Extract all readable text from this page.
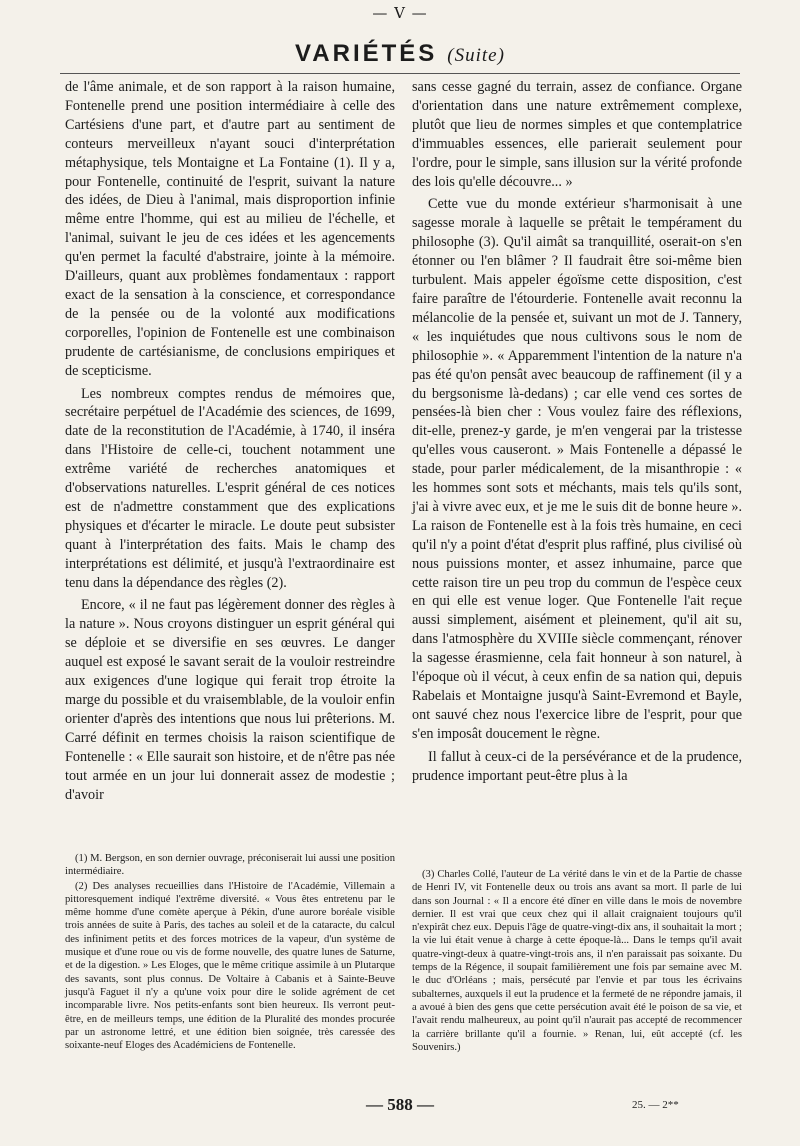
— V —
VARIÉTÉS (Suite)

de l'âme animale, et de son rapport à la raison humaine, Fontenelle prend une position intermédiaire à celle des Cartésiens d'une part, et d'autre part au sentiment de conteurs merveilleux n'ayant souci d'interprétation métaphysique, tels Montaigne et La Fontaine (1). Il y a, pour Fontenelle, continuité de l'esprit, suivant la nature des idées, de Dieu à l'animal, mais disproportion infinie même entre l'homme, qui est au milieu de l'échelle, et l'animal, suivant le jeu de ces idées et les agencements qu'en permet la faculté d'abstraire, jointe à la mémoire. D'ailleurs, quant aux problèmes fondamentaux : rapport exact de la sensation à la conscience, et correspondance de la pensée ou de la volonté aux modifications corporelles, l'opinion de Fontenelle est une combinaison prudente de cartésianisme, de conclusions empiriques et de scepticisme.

Les nombreux comptes rendus de mémoires que, secrétaire perpétuel de l'Académie des sciences, de 1699, date de la reconstitution de l'Académie, à 1740, il inséra dans l'Histoire de celle-ci, touchent notamment une extrême variété de recherches anatomiques et d'observations naturelles. L'esprit général de ces notices est de n'admettre constamment que des explications physiques et d'écarter le miracle. Le doute peut subsister quant à l'interprétation des faits. Mais le champ des interprétations est délimité, et jusqu'à l'extraordinaire est tenu dans la dépendance des règles (2).

Encore, « il ne faut pas légèrement donner des règles à la nature ». Nous croyons distinguer un esprit général qui se déploie et se diversifie en ses œuvres. Le danger auquel est exposé le savant serait de la vouloir restreindre aux exigences d'une logique qui ferait trop étroite la marge du possible et du vraisemblable, de la vouloir enfin orienter d'après des intentions que nous lui prêterions. M. Carré définit en termes choisis la raison scientifique de Fontenelle : « Elle saurait son histoire, et de n'être pas née tout armée en un jour lui donnerait assez de modestie ; d'avoir

sans cesse gagné du terrain, assez de confiance. Organe d'orientation dans une nature extrêmement complexe, plutôt que lieu de normes simples et que contemplatrice d'immuables essences, elle parierait seulement pour l'ordre, pour le simple, sans illusion sur la vérité profonde des lois qu'elle découvre... »

Cette vue du monde extérieur s'harmonisait à une sagesse morale à laquelle se prêtait le tempérament du philosophe (3). Qu'il aimât sa tranquillité, oserait-on s'en étonner ou l'en blâmer ? Il faudrait être soi-même bien turbulent. Mais appeler égoïsme cette disposition, c'est faire paraître de l'étourderie. Fontenelle avait reconnu la mélancolie de la pensée et, suivant un mot de J. Tannery, « les inquiétudes que nous cultivons sous le nom de philosophie ». « Apparemment l'intention de la nature n'a pas été qu'on pensât avec beaucoup de raffinement (il y a du bergsonisme là-dedans) ; car elle vend ces sortes de pensées-là bien cher : Vous voulez faire des réflexions, dit-elle, prenez-y garde, je m'en vengerai par la tristesse qu'elles vous causeront. » Mais Fontenelle a dépassé le stade, pour parler médicalement, de la misanthropie : « les hommes sont sots et méchants, mais tels qu'ils sont, j'ai à vivre avec eux, et je me le suis dit de bonne heure ». La raison de Fontenelle est à la fois très humaine, en ceci qu'il n'y a point d'état d'esprit plus raffiné, plus civilisé où nous puissions monter, et assez inhumaine, parce que cette raison tire un peu trop du commun de l'espèce ceux en qui elle est venue loger. Que Fontenelle l'ait reçue aussi simplement, aisément et pleinement, qu'il ait su, dans l'atmosphère du XVIIIe siècle commençant, rénover la sagesse érasmienne, cela fait honneur à son naturel, à l'époque où il vécut, à ceux enfin de sa nation qui, depuis Rabelais et Montaigne jusqu'à Saint-Evremond et Bayle, ont sauvé chez nous l'exercice libre de l'esprit, pour que s'en imposât doucement le règne.

Il fallut à ceux-ci de la persévérance et de la prudence, prudence important peut-être plus à la

(1) M. Bergson, en son dernier ouvrage, préconiserait lui aussi une position intermédiaire.

(2) Des analyses recueillies dans l'Histoire de l'Académie, Villemain a pittoresquement indiqué l'extrême diversité. « Vous êtes entretenu par le même homme d'une comète aperçue à Pékin, d'une aurore boréale visible trois années de suite à Paris, des taches au soleil et de la cataracte, du calcul des infiniment petits et des forces motrices de la vapeur, d'un système de musique et d'une roue ou vis de forme nouvelle, des quatre lunes de Saturne, et de la digestion. » Les Eloges, que le même critique assimile à un Plutarque des savants, sont plus connus. De Voltaire à Cabanis et à Sainte-Beuve jusqu'à Faguet il n'y a qu'une voix pour dire le solide agrément de cet incomparable livre. Nos petits-enfants sont bien heureux. Ils verront peut-être, en de meilleurs temps, une édition de la Pluralité des mondes procurée par un astronome lettré, et une édition bien soignée, très caressée des soixante-neuf Eloges des Académiciens de Fontenelle.

(3) Charles Collé, l'auteur de La vérité dans le vin et de la Partie de chasse de Henri IV, vit Fontenelle deux ou trois ans avant sa mort. Il parle de lui dans son Journal : « Il a encore été dîner en ville dans le mois de novembre dernier. Il est vrai que ceux chez qui il allait craignaient toujours qu'il n'expirât chez eux. Depuis l'âge de quatre-vingt-dix ans, il souhaitait la mort ; la vie lui était venue à charge à cette époque-là... Dans le temps qu'il avait quatre-vingt-deux à quatre-vingt-trois ans, il n'en paraissait pas soixante. Du temps de la Régence, il soupait familièrement une fois par semaine avec M. le duc d'Orléans ; mais, persécuté par l'envie et par tous les écrivains subalternes, auxquels il eut la prudence et la fermeté de ne répondre jamais, il a avoué à bien des gens que cette persécution avait été le poison de sa vie, et l'avait rendu malheureux, au point qu'il n'aurait pas accepté de recommencer la carrière brillante qu'il a fournie. » Renan, lui, eût accepté (cf. les Souvenirs.)

— 588 —	25. — 2**
